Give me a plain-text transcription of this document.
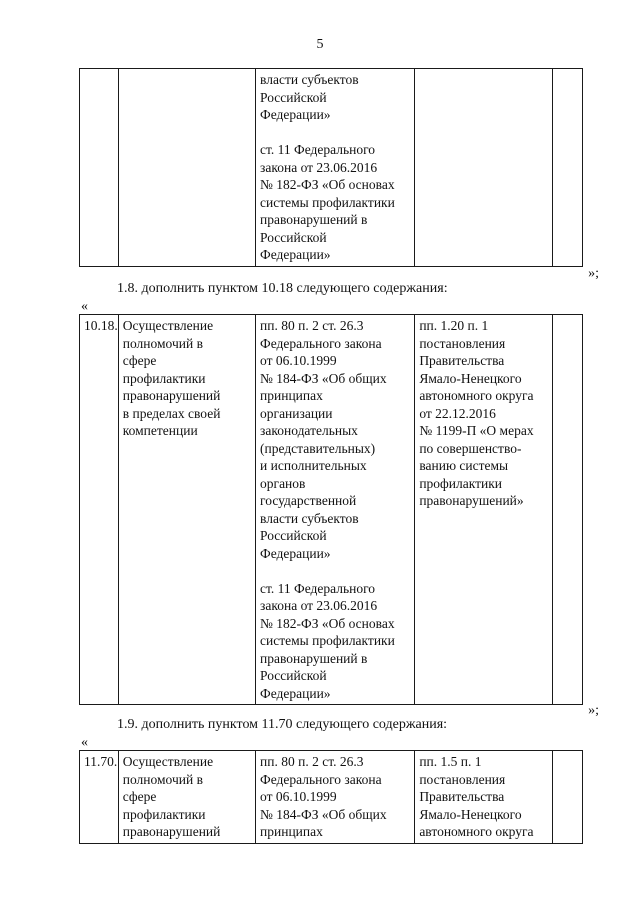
5
		власти субъектов
Российской
Федерации»
ст. 11 Федерального
закона от 23.06.2016
№ 182-ФЗ «Об основах
системы профилактики
правонарушений в
Российской
Федерации»		
»;
1.8. дополнить пунктом 10.18 следующего содержания:
«
10.18.	Осуществление
полномочий в
сфере
профилактики
правонарушений
в пределах своей
компетенции	пп. 80 п. 2 ст. 26.3
Федерального закона
от 06.10.1999
№ 184-ФЗ «Об общих
принципах
организации
законодательных
(представительных)
и исполнительных
органов
государственной
власти субъектов
Российской
Федерации»
ст. 11 Федерального
закона от 23.06.2016
№ 182-ФЗ «Об основах
системы профилактики
правонарушений в
Российской
Федерации»	пп. 1.20 п. 1
постановления
Правительства
Ямало-Ненецкого
автономного округа
от 22.12.2016
№ 1199-П «О мерах
по совершенство-
ванию системы
профилактики
правонарушений»	
»;
1.9. дополнить пунктом 11.70 следующего содержания:
«
11.70.	Осуществление
полномочий в
сфере
профилактики
правонарушений	пп. 80 п. 2 ст. 26.3
Федерального закона
от 06.10.1999
№ 184-ФЗ «Об общих
принципах	пп. 1.5 п. 1
постановления
Правительства
Ямало-Ненецкого
автономного округа	
